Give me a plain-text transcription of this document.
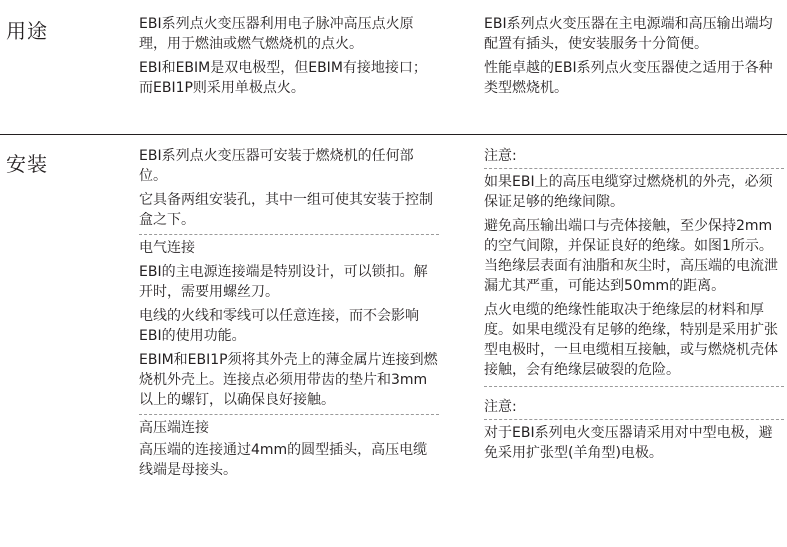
用途	EBI系列点火变压器利用电子脉冲高压点火原理，用于燃油或燃气燃烧机的点火。

EBI和EBIM是双电极型，但EBIM有接地接口；而EBI1P则采用单极点火。

EBI系列点火变压器在主电源端和高压输出端均配置有插头，使安装服务十分简便。

性能卓越的EBI系列点火变压器使之适用于各种类型燃烧机。

安装	EBI系列点火变压器可安装于燃烧机的任何部位。

它具备两组安装孔，其中一组可使其安装于控制盒之下。

电气连接

EBI的主电源连接端是特别设计，可以锁扣。解开时，需要用螺丝刀。

电线的火线和零线可以任意连接，而不会影响EBI的使用功能。

EBIM和EBI1P须将其外壳上的薄金属片连接到燃烧机外壳上。连接点必须用带齿的垫片和3mm以上的螺钉，以确保良好接触。

高压端连接

高压端的连接通过4mm的圆型插头，高压电缆线端是母接头。

注意:

如果EBI上的高压电缆穿过燃烧机的外壳，必须保证足够的绝缘间隙。

避免高压输出端口与壳体接触，至少保持2mm的空气间隙，并保证良好的绝缘。如图1所示。当绝缘层表面有油脂和灰尘时，高压端的电流泄漏尤其严重，可能达到50mm的距离。

点火电缆的绝缘性能取决于绝缘层的材料和厚度。如果电缆没有足够的绝缘，特别是采用扩张型电极时，一旦电缆相互接触，或与燃烧机壳体接触，会有绝缘层破裂的危险。

注意:

对于EBI系列电火变压器请采用对中型电极，避免采用扩张型(羊角型)电极。
